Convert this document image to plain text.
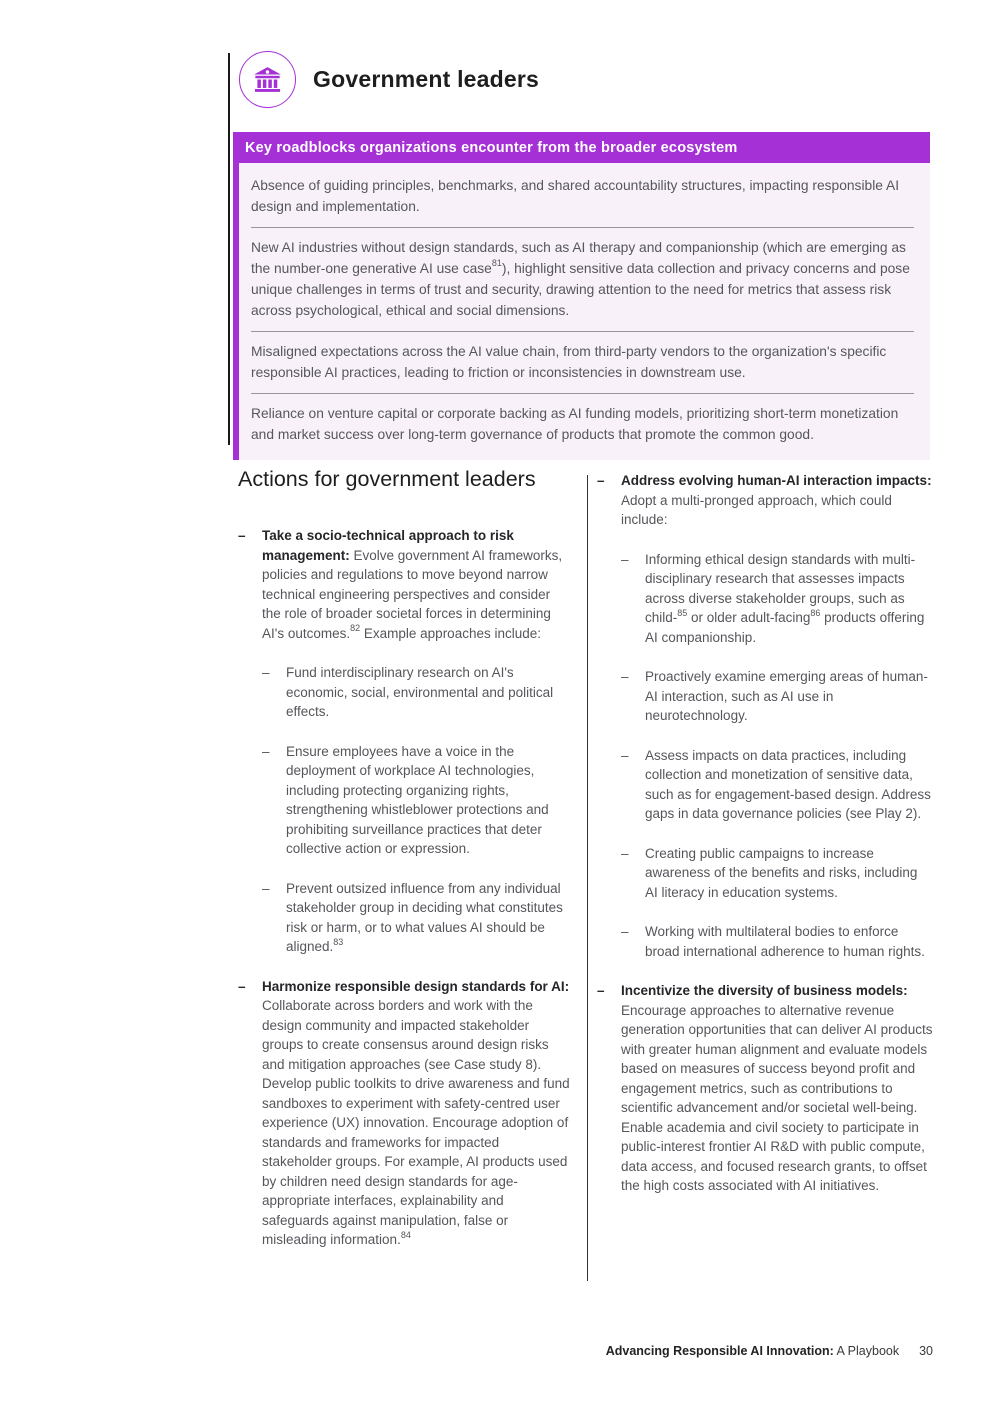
Government leaders
Key roadblocks organizations encounter from the broader ecosystem

Absence of guiding principles, benchmarks, and shared accountability structures, impacting responsible AI design and implementation.

New AI industries without design standards, such as AI therapy and companionship (which are emerging as the number-one generative AI use case$^{81}$), highlight sensitive data collection and privacy concerns and pose unique challenges in terms of trust and security, drawing attention to the need for metrics that assess risk across psychological, ethical and social dimensions.

Misaligned expectations across the AI value chain, from third-party vendors to the organization's specific responsible AI practices, leading to friction or inconsistencies in downstream use.

Reliance on venture capital or corporate backing as AI funding models, prioritizing short-term monetization and market success over long-term governance of products that promote the common good.

Actions for government leaders
–	Take a socio-technical approach to risk management: Evolve government AI frameworks, policies and regulations to move beyond narrow technical engineering perspectives and consider the role of broader societal forces in determining AI's outcomes.$^{82}$ Example approaches include:
–	Fund interdisciplinary research on AI's economic, social, environmental and political effects.
–	Ensure employees have a voice in the deployment of workplace AI technologies, including protecting organizing rights, strengthening whistleblower protections and prohibiting surveillance practices that deter collective action or expression.
–	Prevent outsized influence from any individual stakeholder group in deciding what constitutes risk or harm, or to what values AI should be aligned.$^{83}$
–	Harmonize responsible design standards for AI: Collaborate across borders and work with the design community and impacted stakeholder groups to create consensus around design risks and mitigation approaches (see Case study 8). Develop public toolkits to drive awareness and fund sandboxes to experiment with safety-centred user experience (UX) innovation. Encourage adoption of standards and frameworks for impacted stakeholder groups. For example, AI products used by children need design standards for age-appropriate interfaces, explainability and safeguards against manipulation, false or misleading information.$^{84}$
–	Address evolving human-AI interaction impacts: Adopt a multi-pronged approach, which could include:
–	Informing ethical design standards with multi-disciplinary research that assesses impacts across diverse stakeholder groups, such as child-$^{85}$ or older adult-facing$^{86}$ products offering AI companionship.
–	Proactively examine emerging areas of human-AI interaction, such as AI use in neurotechnology.
–	Assess impacts on data practices, including collection and monetization of sensitive data, such as for engagement-based design. Address gaps in data governance policies (see Play 2).
–	Creating public campaigns to increase awareness of the benefits and risks, including AI literacy in education systems.
–	Working with multilateral bodies to enforce broad international adherence to human rights.
–	Incentivize the diversity of business models: Encourage approaches to alternative revenue generation opportunities that can deliver AI products with greater human alignment and evaluate models based on measures of success beyond profit and engagement metrics, such as contributions to scientific advancement and/or societal well-being. Enable academia and civil society to participate in public-interest frontier AI R&D with public compute, data access, and focused research grants, to offset the high costs associated with AI initiatives.
Advancing Responsible AI Innovation: A Playbook 30
